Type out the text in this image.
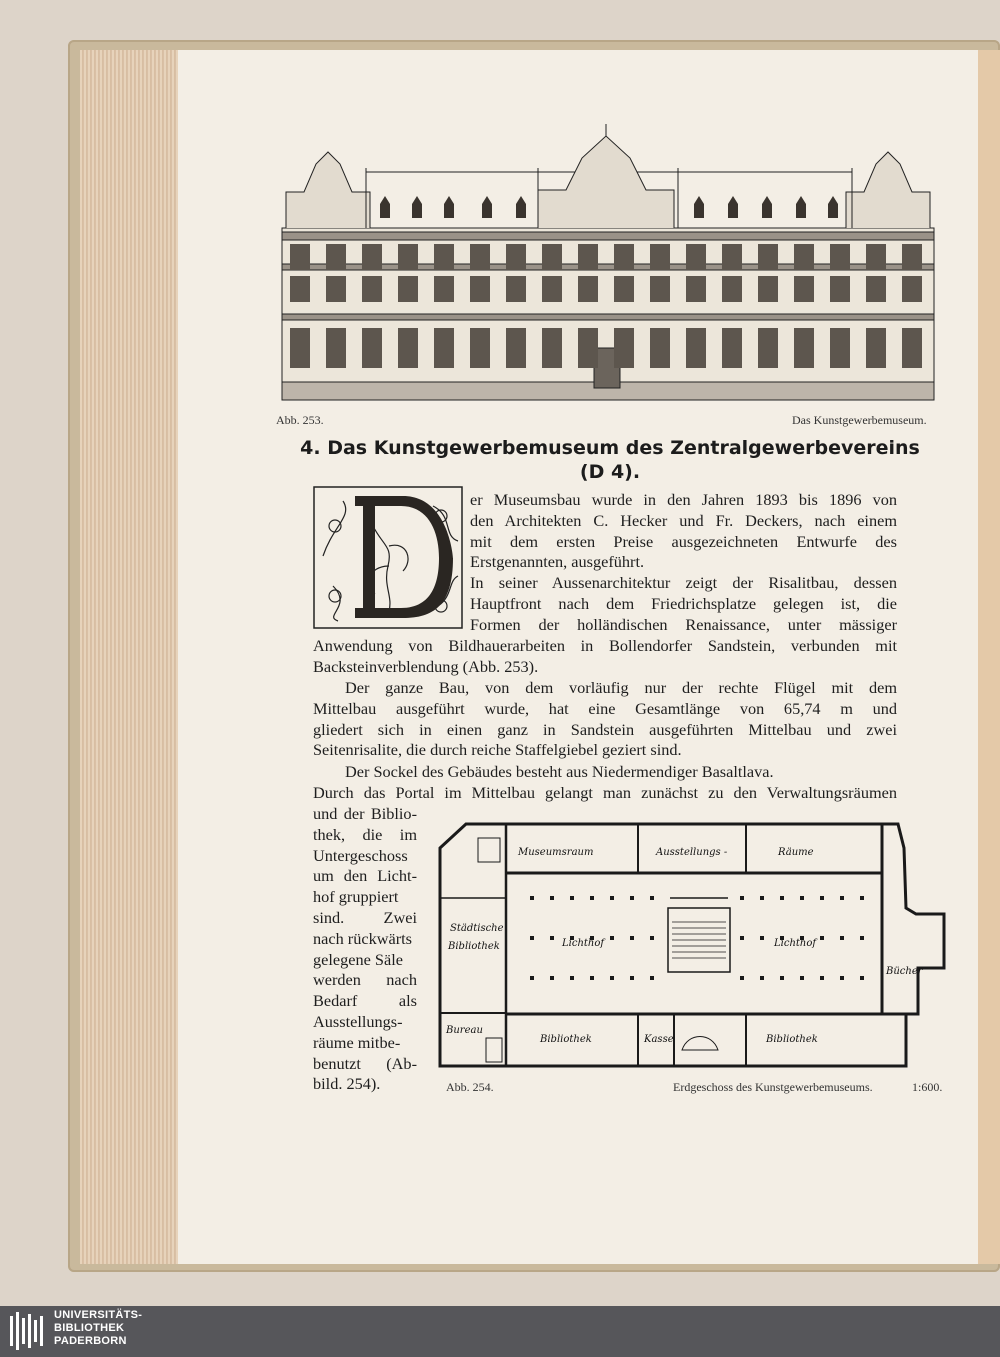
Abb. 253.	Das Kunstgewerbemuseum.
4. Das Kunstgewerbemuseum des Zentralgewerbevereins
(D 4).

er Museumsbau wurde in den Jahren 1893 bis 1896 von

den Architekten C. Hecker und Fr. Deckers, nach einem

mit dem ersten Preise ausgezeichneten Entwurfe des

Erstgenannten, ausgeführt.

In seiner Aussenarchitektur zeigt der Risalitbau, dessen

Hauptfront nach dem Friedrichsplatze gelegen ist, die

Formen der holländischen Renaissance, unter mässiger

Anwendung von Bildhauerarbeiten in Bollendorfer Sandstein, verbunden mit

Backsteinverblendung (Abb. 253).

Der ganze Bau, von dem vorläufig nur der rechte Flügel mit dem

Mittelbau ausgeführt wurde, hat eine Gesamtlänge von 65,74 m und

gliedert sich in einen ganz in Sandstein ausgeführten Mittelbau und zwei

Seitenrisalite, die durch reiche Staffelgiebel geziert sind.

Der Sockel des Gebäudes besteht aus Niedermendiger Basaltlava.

Durch das Portal im Mittelbau gelangt man zunächst zu den Verwaltungsräumen

und der Biblio-

thek, die im

Untergeschoss

um den Licht-

hof gruppiert

sind. Zwei

nach rückwärts

gelegene Säle

werden nach

Bedarf als

Ausstellungs-

räume mitbe-

benutzt (Ab-

bild. 254).

Museumsraum	Ausstellungs -	Räume
Städtische
Bibliothek	Lichthof	Lichthof
Bureau
Bibliothek	Kasse	Bibliothek
Bücher
Abb. 254.	Erdgeschoss des Kunstgewerbemuseums.	1:600.
UNIVERSITÄTS-
BIBLIOTHEK
PADERBORN
